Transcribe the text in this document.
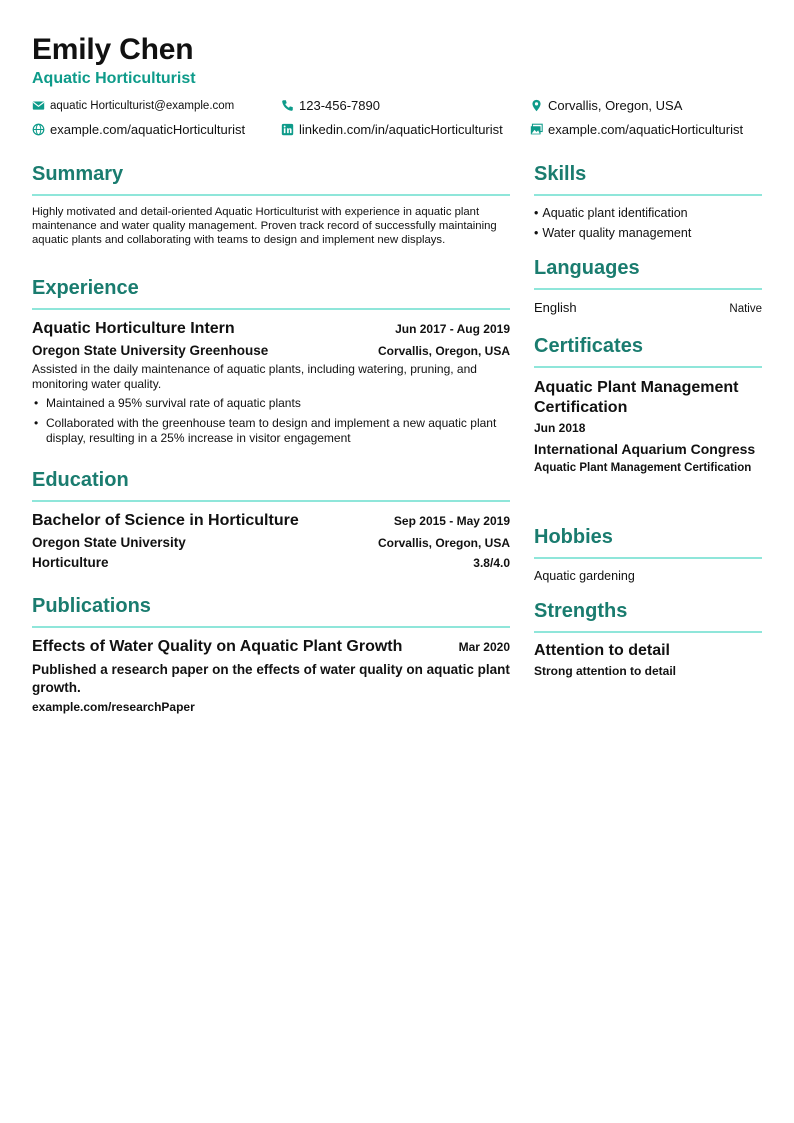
Emily Chen
Aquatic Horticulturist
aquatic Horticulturist@example.com	123-456-7890	Corvallis, Oregon, USA
example.com/aquaticHorticulturist	linkedin.com/in/aquaticHorticulturist	example.com/aquaticHorticulturist
Summary
Highly motivated and detail-oriented Aquatic Horticulturist with experience in aquatic plant maintenance and water quality management. Proven track record of successfully maintaining aquatic plants and collaborating with teams to design and implement new displays.
Experience
Aquatic Horticulture Intern	Jun 2017 - Aug 2019
Oregon State University Greenhouse	Corvallis, Oregon, USA
Assisted in the daily maintenance of aquatic plants, including watering, pruning, and monitoring water quality.
• Maintained a 95% survival rate of aquatic plants
• Collaborated with the greenhouse team to design and implement a new aquatic plant display, resulting in a 25% increase in visitor engagement
Education
Bachelor of Science in Horticulture	Sep 2015 - May 2019
Oregon State University	Corvallis, Oregon, USA
Horticulture	3.8/4.0
Publications
Effects of Water Quality on Aquatic Plant Growth	Mar 2020
Published a research paper on the effects of water quality on aquatic plant growth.
example.com/researchPaper
Skills
• Aquatic plant identification
• Water quality management
Languages
English	Native
Certificates
Aquatic Plant Management Certification
Jun 2018
International Aquarium Congress
Aquatic Plant Management Certification
Hobbies
Aquatic gardening
Strengths
Attention to detail
Strong attention to detail
